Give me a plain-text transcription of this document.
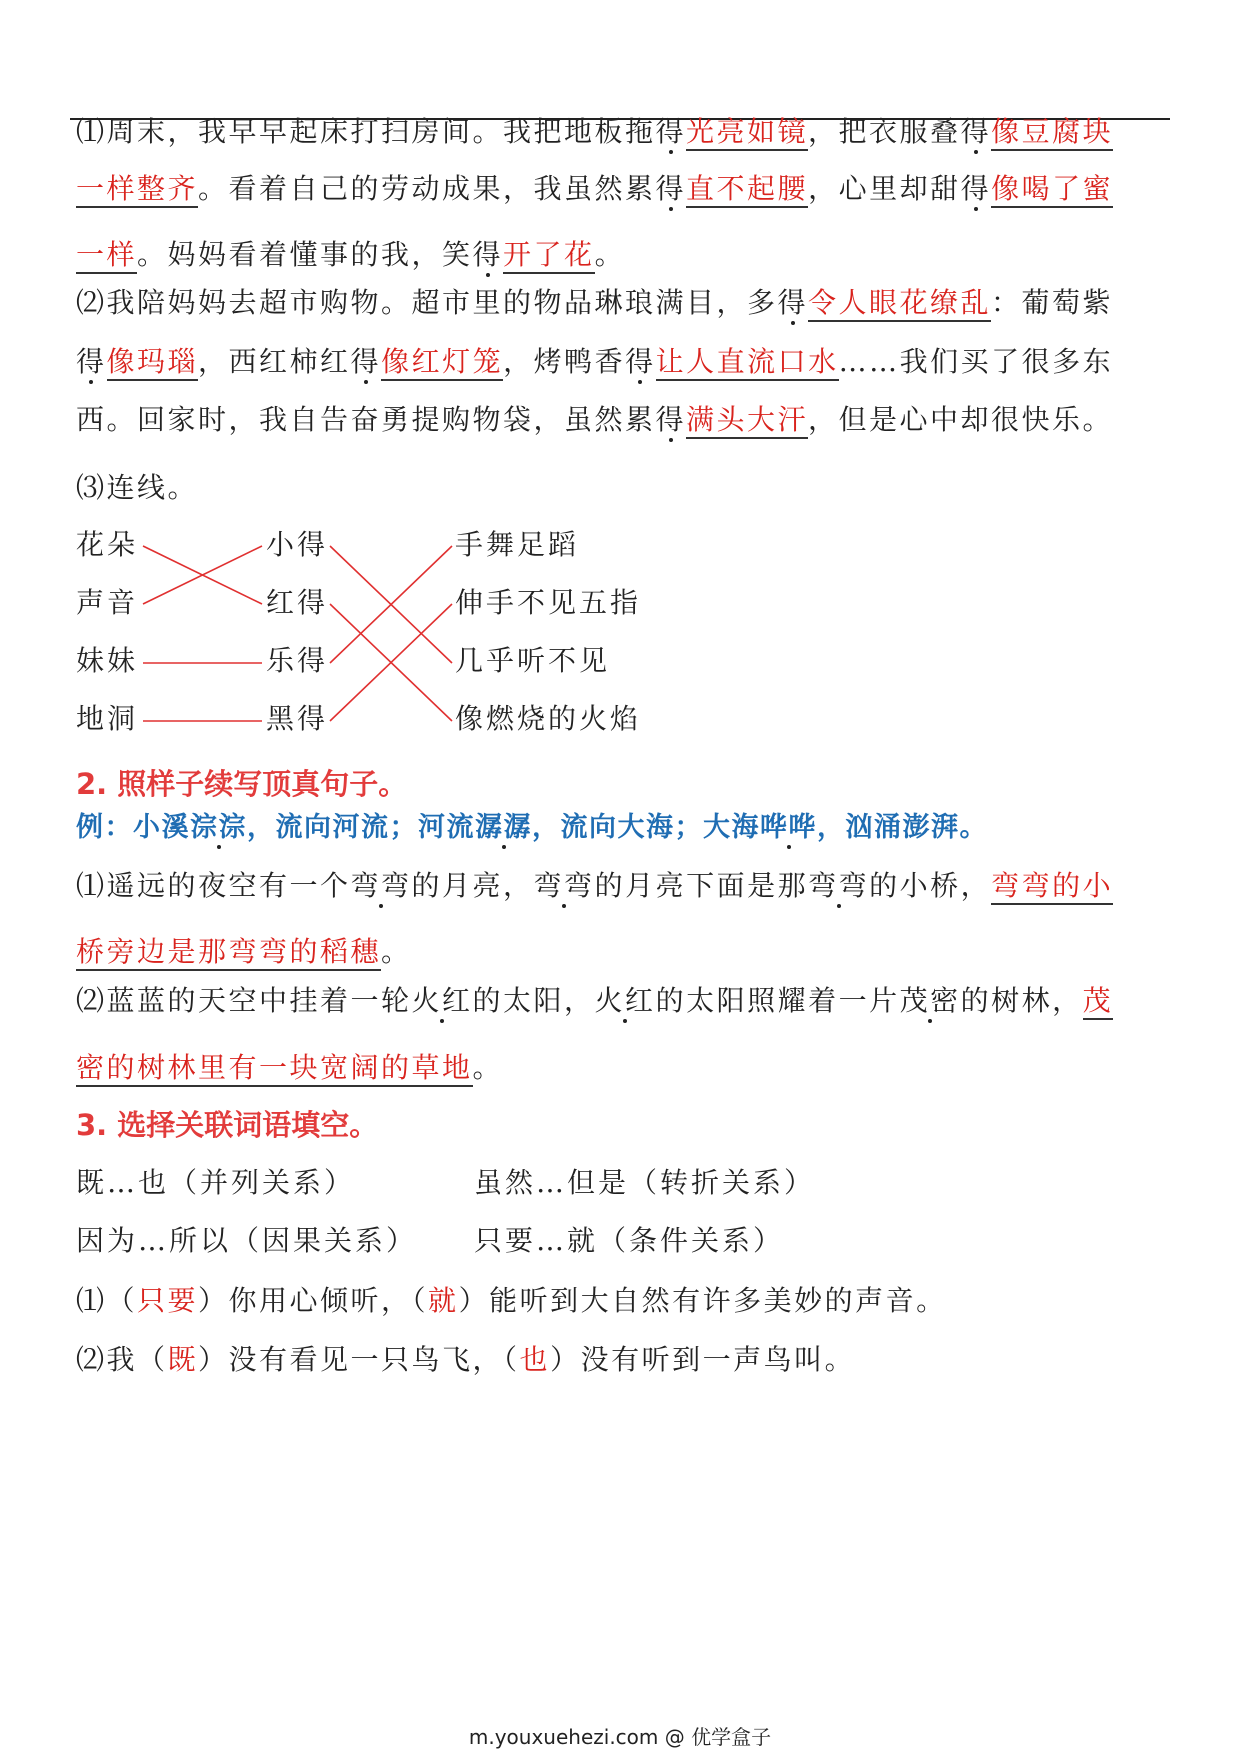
⑴周末，我早早起床打扫房间。我把地板拖得光亮如镜，把衣服叠得像豆腐块
一样整齐。看着自己的劳动成果，我虽然累得直不起腰，心里却甜得像喝了蜜
一样。妈妈看着懂事的我，笑得开了花。
⑵我陪妈妈去超市购物。超市里的物品琳琅满目，多得令人眼花缭乱：葡萄紫
得像玛瑙，西红柿红得像红灯笼，烤鸭香得让人直流口水……我们买了很多东
西。回家时，我自告奋勇提购物袋，虽然累得满头大汗，但是心中却很快乐。
⑶连线。
花朵
声音
妹妹
地洞
小得
红得
乐得
黑得
手舞足蹈
伸手不见五指
几乎听不见
像燃烧的火焰
2. 照样子续写顶真句子。
例：小溪淙淙，流向河流；河流潺潺，流向大海；大海哗哗，汹涌澎湃。
⑴遥远的夜空有一个弯弯的月亮，弯弯的月亮下面是那弯弯的小桥，弯弯的小
桥旁边是那弯弯的稻穗。
⑵蓝蓝的天空中挂着一轮火红的太阳，火红的太阳照耀着一片茂密的树林，茂
密的树林里有一块宽阔的草地。
3. 选择关联词语填空。
既…也（并列关系）	虽然…但是（转折关系）
因为…所以（因果关系） 只要…就（条件关系）
⑴（只要）你用心倾听，（就）能听到大自然有许多美妙的声音。
⑵我（既）没有看见一只鸟飞，（也）没有听到一声鸟叫。
m.youxuehezi.com @ 优学盒子
